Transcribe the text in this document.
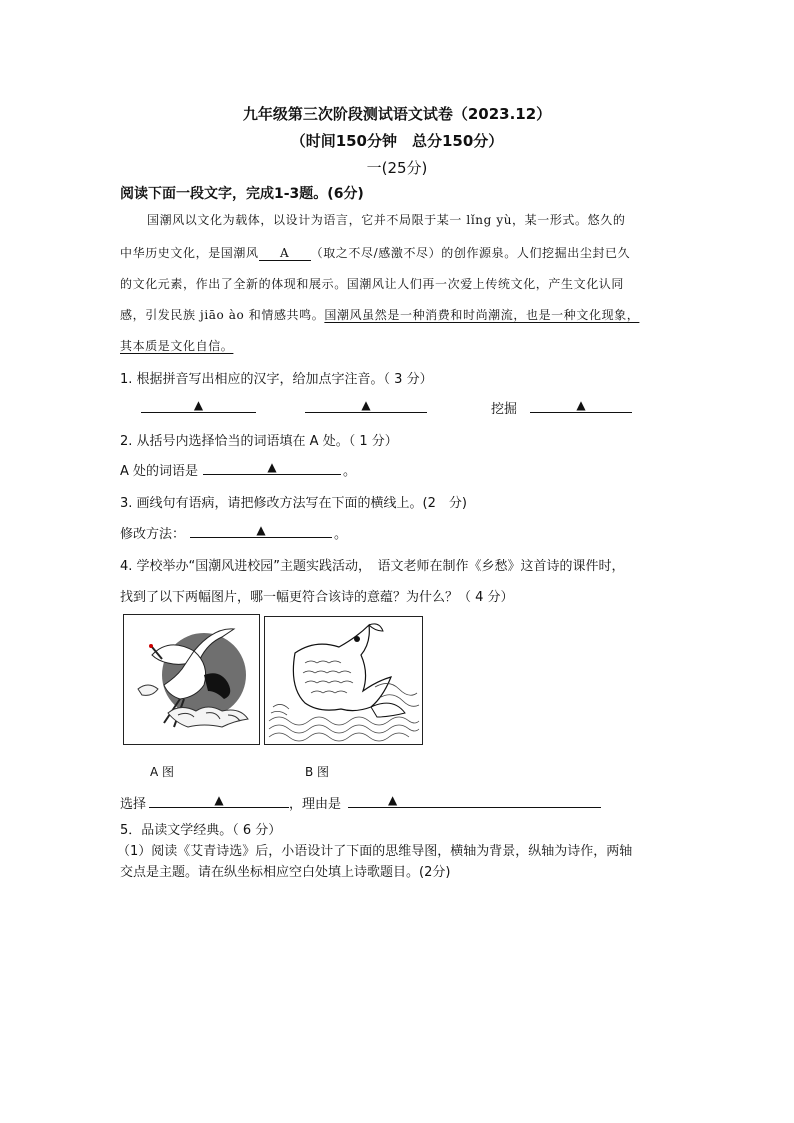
九年级第三次阶段测试语文试卷（2023.12）
（时间150分钟　总分150分）
一(25分)
阅读下面一段文字，完成1-3题。(6分)
国潮风以文化为载体，以设计为语言，它并不局限于某一 lǐng yù，某一形式。悠久的
中华历史文化，是国潮风 A （取之不尽/感激不尽）的创作源泉。人们挖掘出尘封已久
的文化元素，作出了全新的体现和展示。国潮风让人们再一次爱上传统文化，产生文化认同
感，引发民族 jiāo ào 和情感共鸣。国潮风虽然是一种消费和时尚潮流，也是一种文化现象，
其本质是文化自信。
1. 根据拼音写出相应的汉字，给加点字注音。（ 3 分）
▲	▲	挖掘	▲
2. 从括号内选择恰当的词语填在 A 处。（ 1 分）
A 处的词语是	▲	。
3. 画线句有语病，请把修改方法写在下面的横线上。(2　分)
修改方法：	▲	。
4. 学校举办“国潮风进校园”主题实践活动，　语文老师在制作《乡愁》这首诗的课件时，
找到了以下两幅图片，哪一幅更符合该诗的意蕴？为什么？（ 4 分）
A 图	B 图
选择	▲	，理由是	▲
5．品读文学经典。（ 6 分）
（1）阅读《艾青诗选》后，小语设计了下面的思维导图，横轴为背景，纵轴为诗作，两轴
交点是主题。请在纵坐标相应空白处填上诗歌题目。(2分)
